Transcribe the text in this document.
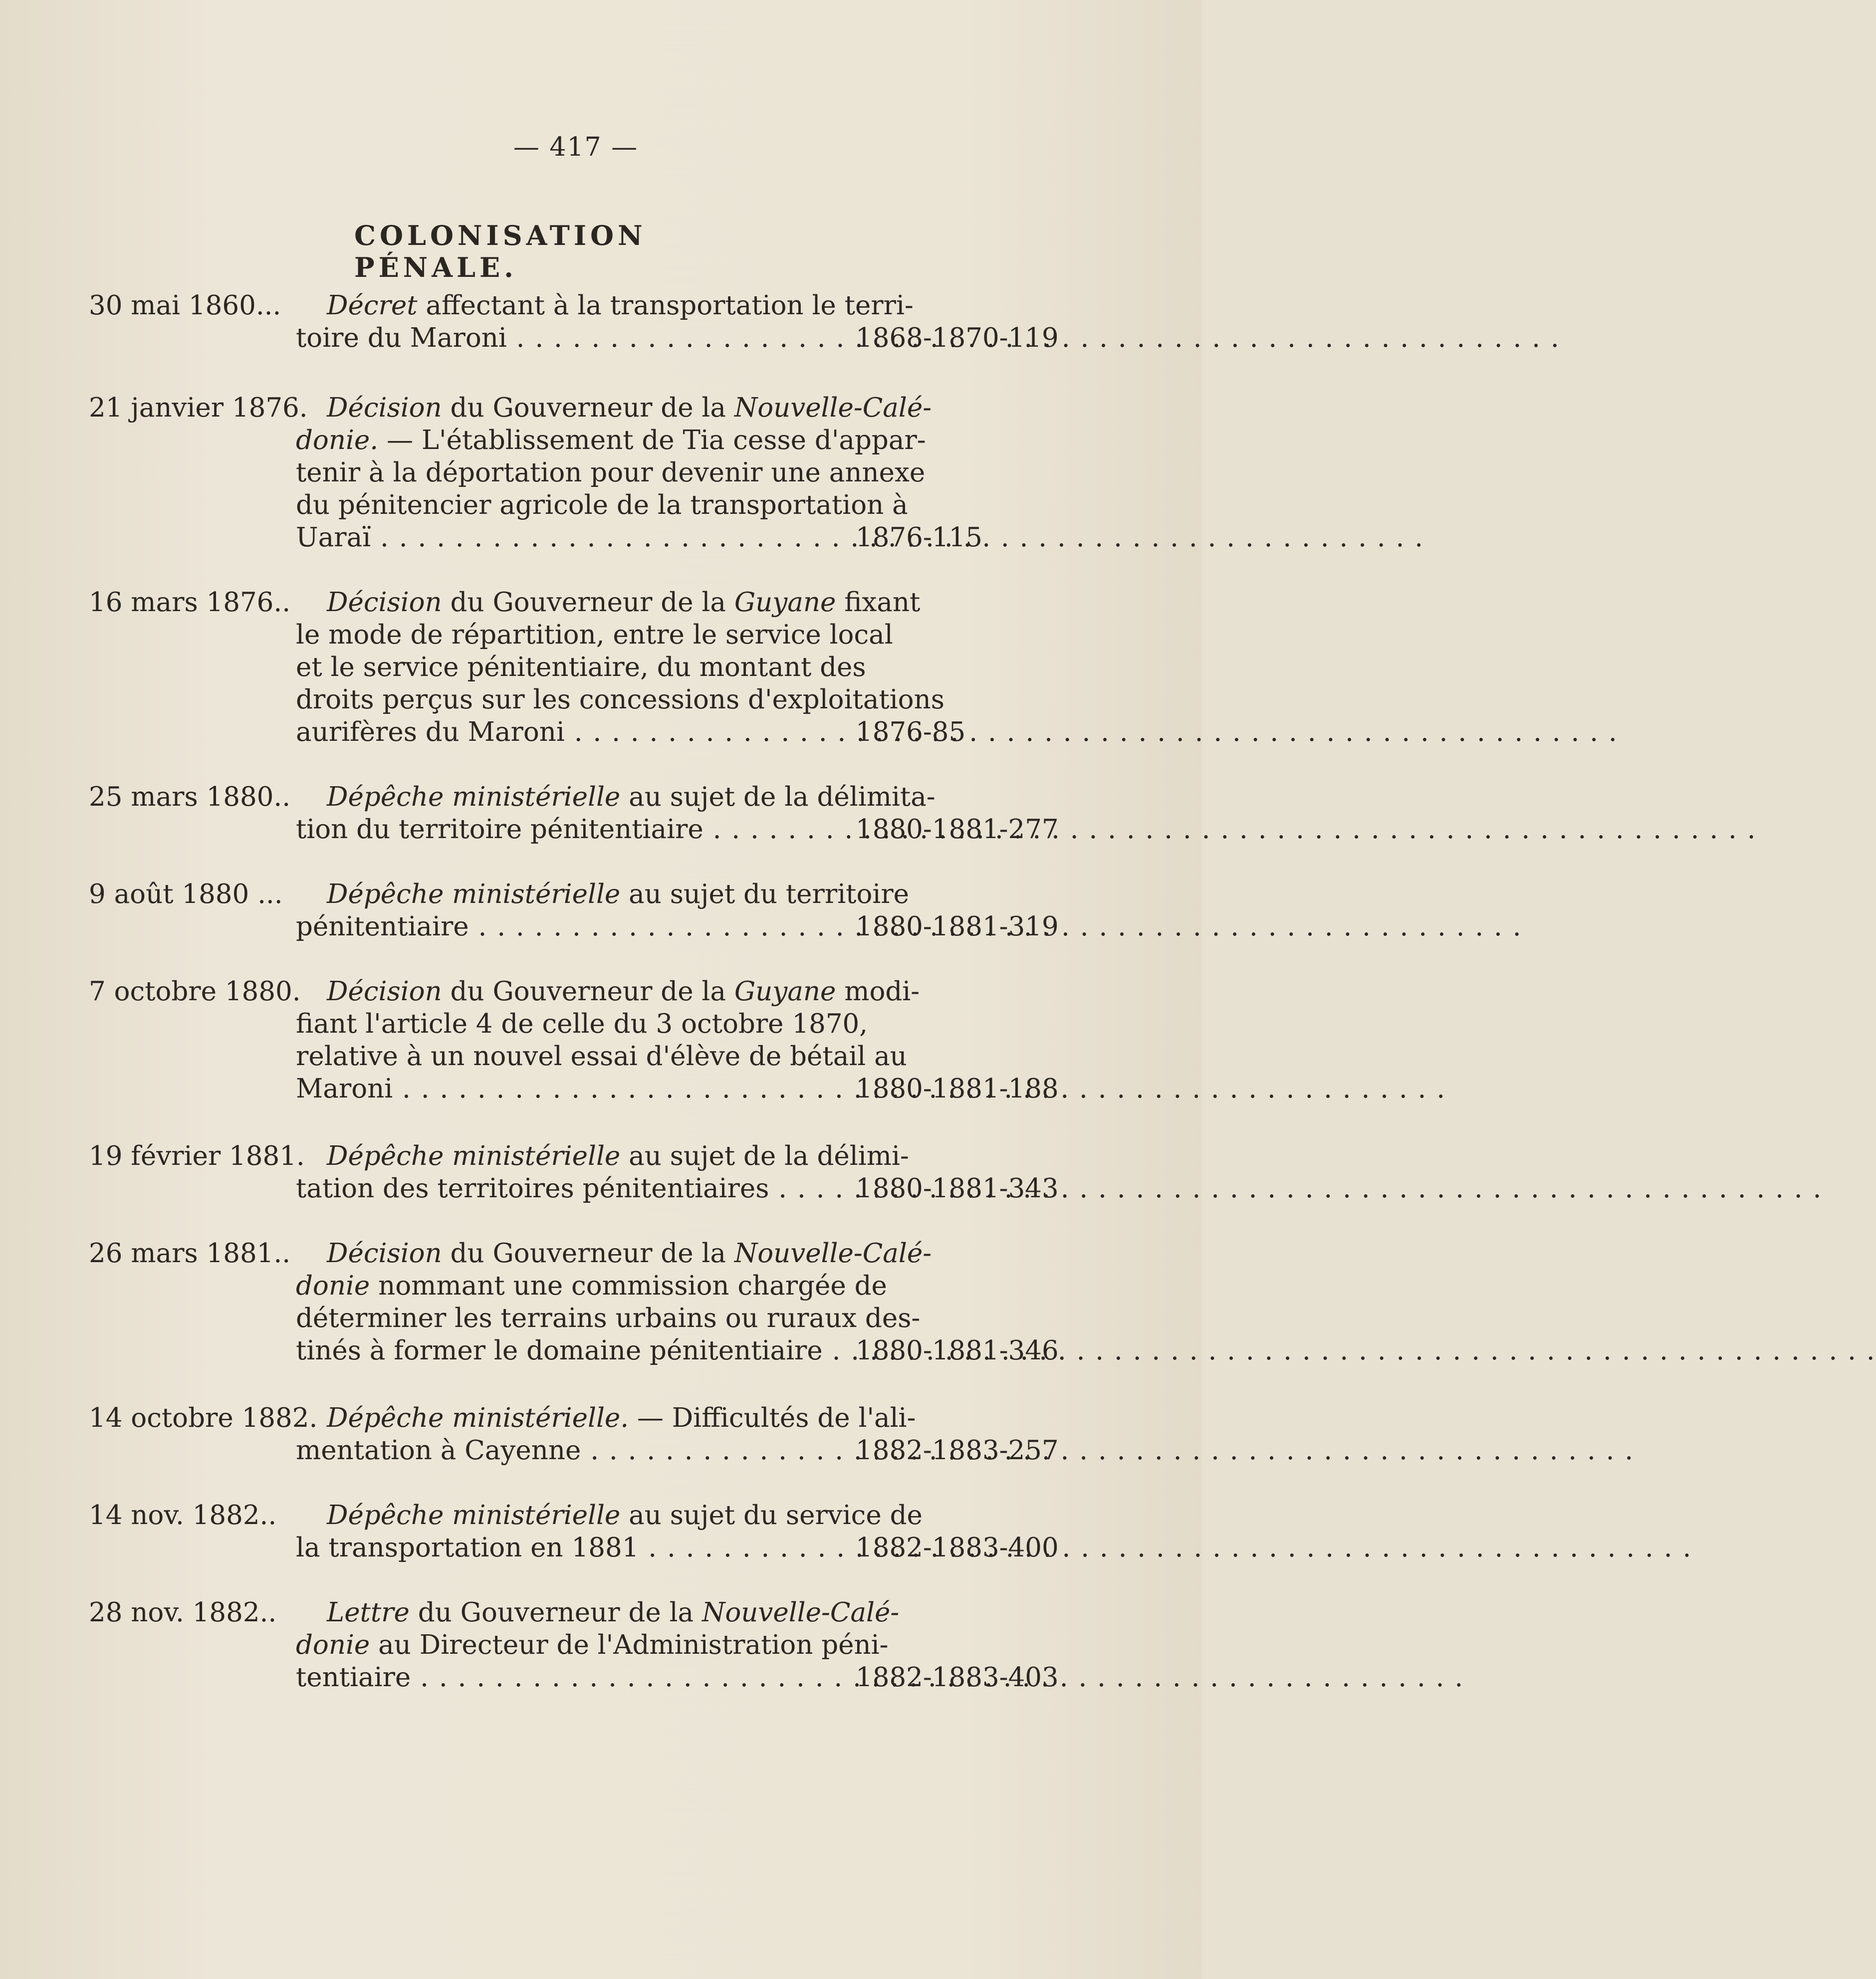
— 417 —
COLONISATION PÉNALE.
30 mai 1860...	Décret affectant à la transportation le terri-
toire du Maroni . . .	1868-1870-119
21 janvier 1876. Décision du Gouverneur de la Nouvelle-Calé-
donie. — L'établissement de Tia cesse d'appar-
tenir à la déportation pour devenir une annexe
du pénitencier agricole de la transportation à
Uaraï . . .	1876-115
16 mars 1876..	Décision du Gouverneur de la Guyane fixant
le mode de répartition, entre le service local
et le service pénitentiaire, du montant des
droits perçus sur les concessions d'exploitations
aurifères du Maroni . . .	1876-85
25 mars 1880..	Dépêche ministérielle au sujet de la délimita-
tion du territoire pénitentiaire . . .	1880-1881-277
9 août 1880 ...	Dépêche ministérielle au sujet du territoire
pénitentiaire . . .	1880-1881-319
7 octobre 1880. Décision du Gouverneur de la Guyane modi-
fiant l'article 4 de celle du 3 octobre 1870,
relative à un nouvel essai d'élève de bétail au
Maroni . . .	1880-1881-188
19 février 1881. Dépêche ministérielle au sujet de la délimi-
tation des territoires pénitentiaires . . .	1880-1881-343
26 mars 1881..	Décision du Gouverneur de la Nouvelle-Calé-
donie nommant une commission chargée de
déterminer les terrains urbains ou ruraux des-
tinés à former le domaine pénitentiaire . . .	1880-1881-346
14 octobre 1882. Dépêche ministérielle. — Difficultés de l'ali-
mentation à Cayenne . . .	1882-1883-257
14 nov. 1882..	Dépêche ministérielle au sujet du service de
la transportation en 1881 . . .	1882-1883-400
28 nov. 1882..	Lettre du Gouverneur de la Nouvelle-Calé-
donie au Directeur de l'Administration péni-
tentiaire . . .	1882-1883-403
